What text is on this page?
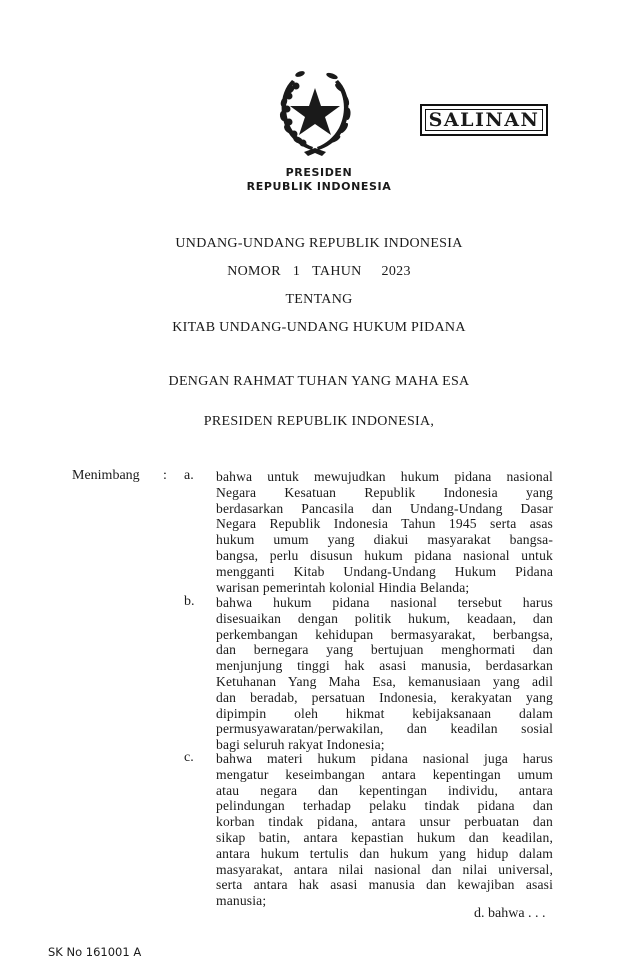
SALINAN
PRESIDEN
REPUBLIK INDONESIA
UNDANG-UNDANG REPUBLIK INDONESIA
NOMOR 1 TAHUN 2023
TENTANG
KITAB UNDANG-UNDANG HUKUM PIDANA
DENGAN RAHMAT TUHAN YANG MAHA ESA
PRESIDEN REPUBLIK INDONESIA,
Menimbang : a. bahwa untuk mewujudkan hukum pidana nasional
Negara Kesatuan Republik Indonesia yang
berdasarkan Pancasila dan Undang-Undang Dasar
Negara Republik Indonesia Tahun 1945 serta asas
hukum umum yang diakui masyarakat bangsa-
bangsa, perlu disusun hukum pidana nasional untuk
mengganti Kitab Undang-Undang Hukum Pidana
warisan pemerintah kolonial Hindia Belanda;
b. bahwa hukum pidana nasional tersebut harus
disesuaikan dengan politik hukum, keadaan, dan
perkembangan kehidupan bermasyarakat, berbangsa,
dan bernegara yang bertujuan menghormati dan
menjunjung tinggi hak asasi manusia, berdasarkan
Ketuhanan Yang Maha Esa, kemanusiaan yang adil
dan beradab, persatuan Indonesia, kerakyatan yang
dipimpin oleh hikmat kebijaksanaan dalam
permusyawaratan/perwakilan, dan keadilan sosial
bagi seluruh rakyat Indonesia;
c. bahwa materi hukum pidana nasional juga harus
mengatur keseimbangan antara kepentingan umum
atau negara dan kepentingan individu, antara
pelindungan terhadap pelaku tindak pidana dan
korban tindak pidana, antara unsur perbuatan dan
sikap batin, antara kepastian hukum dan keadilan,
antara hukum tertulis dan hukum yang hidup dalam
masyarakat, antara nilai nasional dan nilai universal,
serta antara hak asasi manusia dan kewajiban asasi
manusia;
d. bahwa . . .
SK No 161001 A
